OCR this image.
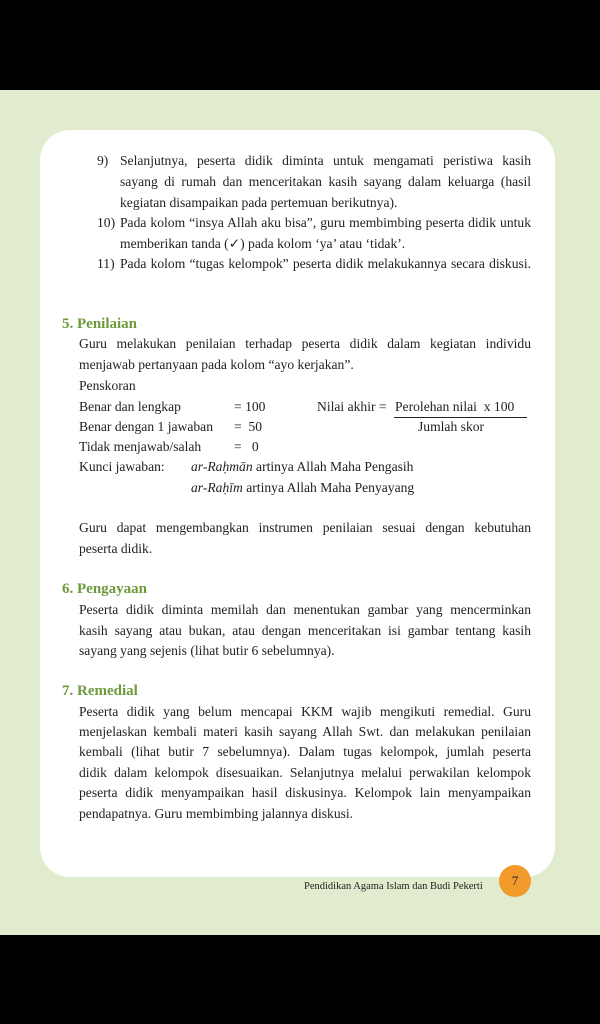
9) Selanjutnya, peserta didik diminta untuk mengamati peristiwa kasih
sayang di rumah dan menceritakan kasih sayang dalam keluarga (hasil
kegiatan disampaikan pada pertemuan berikutnya).
10) Pada kolom “insya Allah aku bisa”, guru membimbing peserta didik untuk
memberikan tanda (✓) pada kolom ‘ya’ atau ‘tidak’.
11) Pada kolom “tugas kelompok” peserta didik melakukannya secara diskusi.
5. Penilaian
Guru melakukan penilaian terhadap peserta didik dalam kegiatan individu
menjawab pertanyaan pada kolom “ayo kerjakan”.
Penskoran
Benar dan lengkap	= 100
Benar dengan 1 jawaban =  50
Tidak menjawab/salah =   0
Nilai akhir = Perolehan nilai  x 100
Jumlah skor
Kunci jawaban: ar-Raḥmān artinya Allah Maha Pengasih
ar-Raḥīm artinya Allah Maha Penyayang
Guru dapat mengembangkan instrumen penilaian sesuai dengan kebutuhan
peserta didik.
6. Pengayaan
Peserta didik diminta memilah dan menentukan gambar yang mencerminkan
kasih sayang atau bukan, atau dengan menceritakan isi gambar tentang kasih
sayang yang sejenis (lihat butir 6 sebelumnya).
7. Remedial
Peserta didik yang belum mencapai KKM wajib mengikuti remedial. Guru
menjelaskan kembali materi kasih sayang Allah Swt. dan melakukan penilaian
kembali (lihat butir 7 sebelumnya). Dalam tugas kelompok, jumlah peserta
didik dalam kelompok disesuaikan. Selanjutnya melalui perwakilan kelompok
peserta didik menyampaikan hasil diskusinya. Kelompok lain menyampaikan
pendapatnya. Guru membimbing jalannya diskusi.
Pendidikan Agama Islam dan Budi Pekerti	7
